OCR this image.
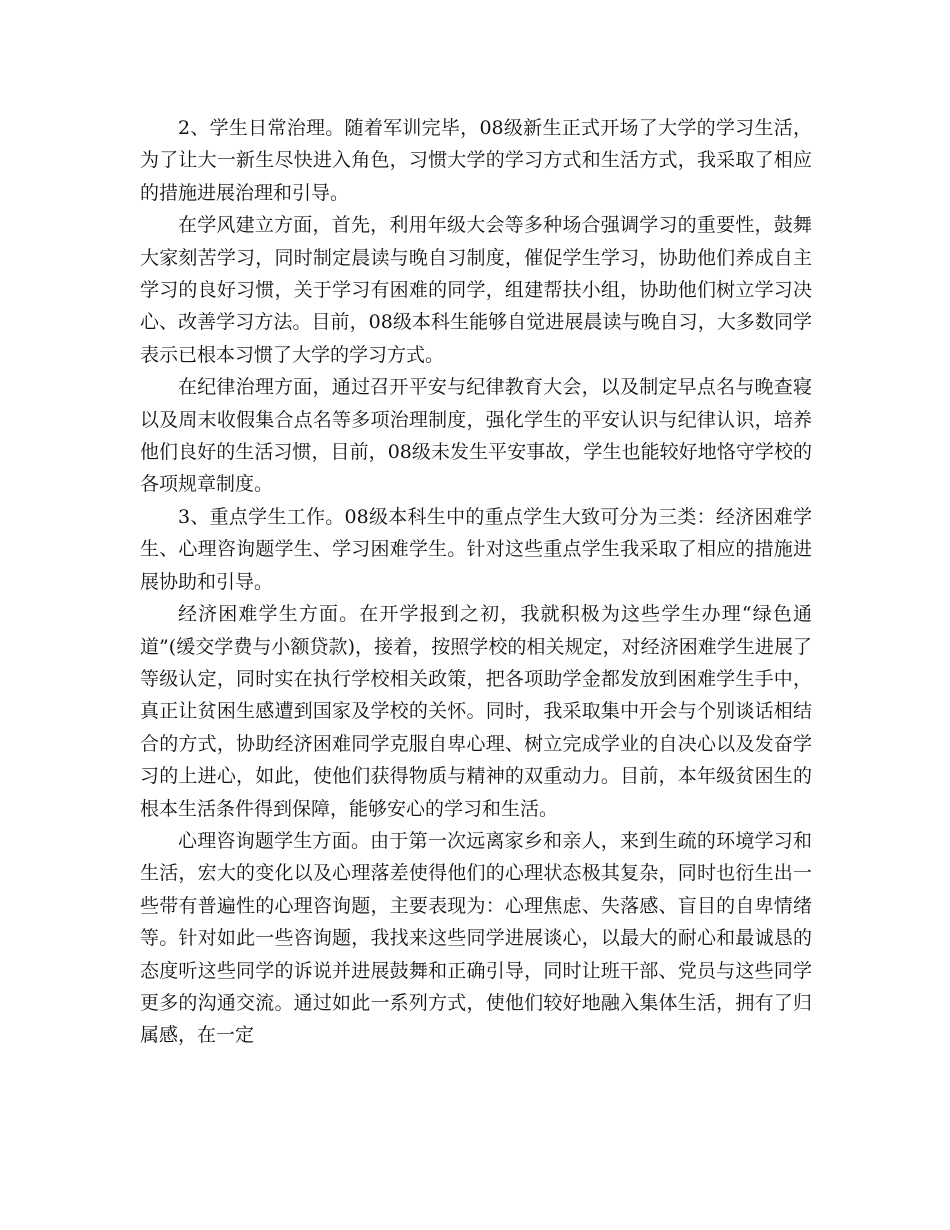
2、学生日常治理。随着军训完毕，08级新生正式开场了大学的学习生活，为了让大一新生尽快进入角色，习惯大学的学习方式和生活方式，我采取了相应的措施进展治理和引导。

在学风建立方面，首先，利用年级大会等多种场合强调学习的重要性，鼓舞大家刻苦学习，同时制定晨读与晚自习制度，催促学生学习，协助他们养成自主学习的良好习惯，关于学习有困难的同学，组建帮扶小组，协助他们树立学习决心、改善学习方法。目前，08级本科生能够自觉进展晨读与晚自习，大多数同学表示已根本习惯了大学的学习方式。

在纪律治理方面，通过召开平安与纪律教育大会，以及制定早点名与晚查寝以及周末收假集合点名等多项治理制度，强化学生的平安认识与纪律认识，培养他们良好的生活习惯，目前，08级未发生平安事故，学生也能较好地恪守学校的各项规章制度。

3、重点学生工作。08级本科生中的重点学生大致可分为三类：经济困难学生、心理咨询题学生、学习困难学生。针对这些重点学生我采取了相应的措施进展协助和引导。

经济困难学生方面。在开学报到之初，我就积极为这些学生办理“绿色通道”(缓交学费与小额贷款)，接着，按照学校的相关规定，对经济困难学生进展了等级认定，同时实在执行学校相关政策，把各项助学金都发放到困难学生手中，真正让贫困生感遭到国家及学校的关怀。同时，我采取集中开会与个别谈话相结合的方式，协助经济困难同学克服自卑心理、树立完成学业的自决心以及发奋学习的上进心，如此，使他们获得物质与精神的双重动力。目前，本年级贫困生的根本生活条件得到保障，能够安心的学习和生活。

心理咨询题学生方面。由于第一次远离家乡和亲人，来到生疏的环境学习和生活，宏大的变化以及心理落差使得他们的心理状态极其复杂，同时也衍生出一些带有普遍性的心理咨询题，主要表现为：心理焦虑、失落感、盲目的自卑情绪等。针对如此一些咨询题，我找来这些同学进展谈心，以最大的耐心和最诚恳的态度听这些同学的诉说并进展鼓舞和正确引导，同时让班干部、党员与这些同学更多的沟通交流。通过如此一系列方式，使他们较好地融入集体生活，拥有了归属感，在一定
